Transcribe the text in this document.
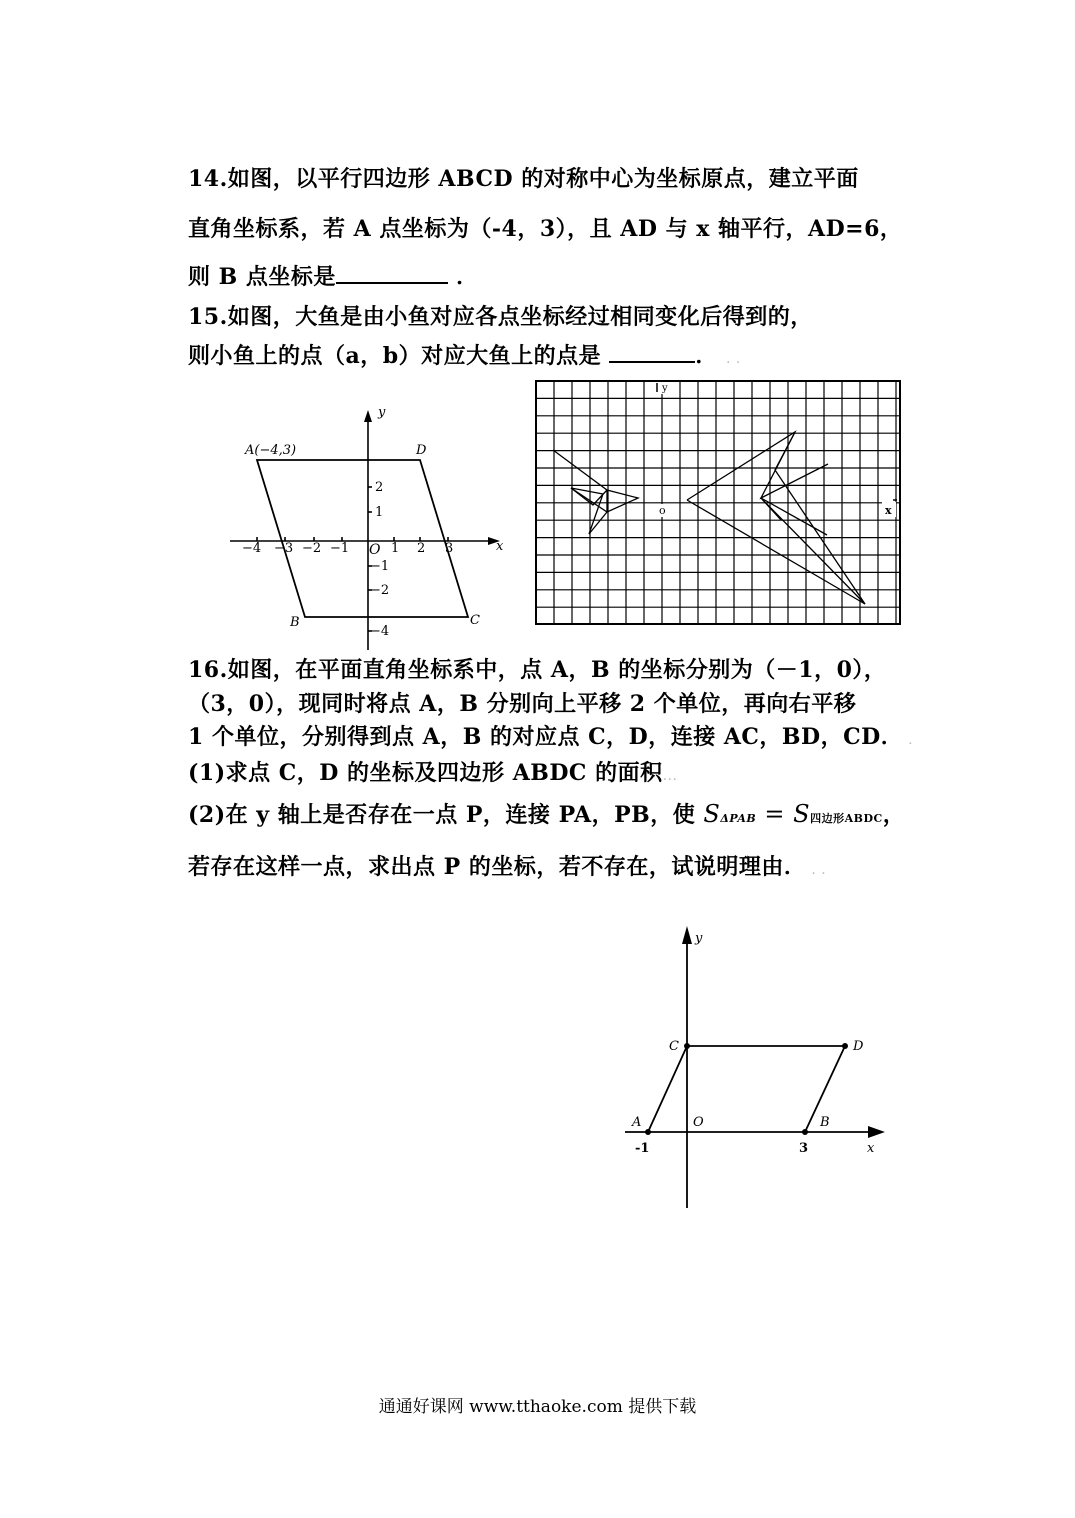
14.如图，以平行四边形 ABCD 的对称中心为坐标原点，建立平面
直角坐标系，若 A 点坐标为（-4，3），且 AD 与 x 轴平行，AD=6，
则 B 点坐标是	．
15.如图，大鱼是由小鱼对应各点坐标经过相同变化后得到的，
则小鱼上的点（a，b）对应大鱼上的点是	． . .
A(−4,3)	D
B	C
O	x
y
−4 −3 −2 −1	1 2 3
2
1
−1
−2
−4
y
o	x
16.如图，在平面直角坐标系中，点 A，B 的坐标分别为（－1，0），
（3，0），现同时将点 A，B 分别向上平移 2 个单位，再向右平移
1 个单位，分别得到点 A，B 的对应点 C，D，连接 AC，BD，CD． .
(1)求点 C，D 的坐标及四边形 ABDC 的面积...
(2)在 y 轴上是否存在一点 P，连接 PA，PB，使 SΔPAB = S四边形ABDC，
若存在这样一点，求出点 P 的坐标，若不存在，试说明理由． . .
y
x
C	D
A	O	B
-1	3
通通好课网 www.tthaoke.com 提供下载
